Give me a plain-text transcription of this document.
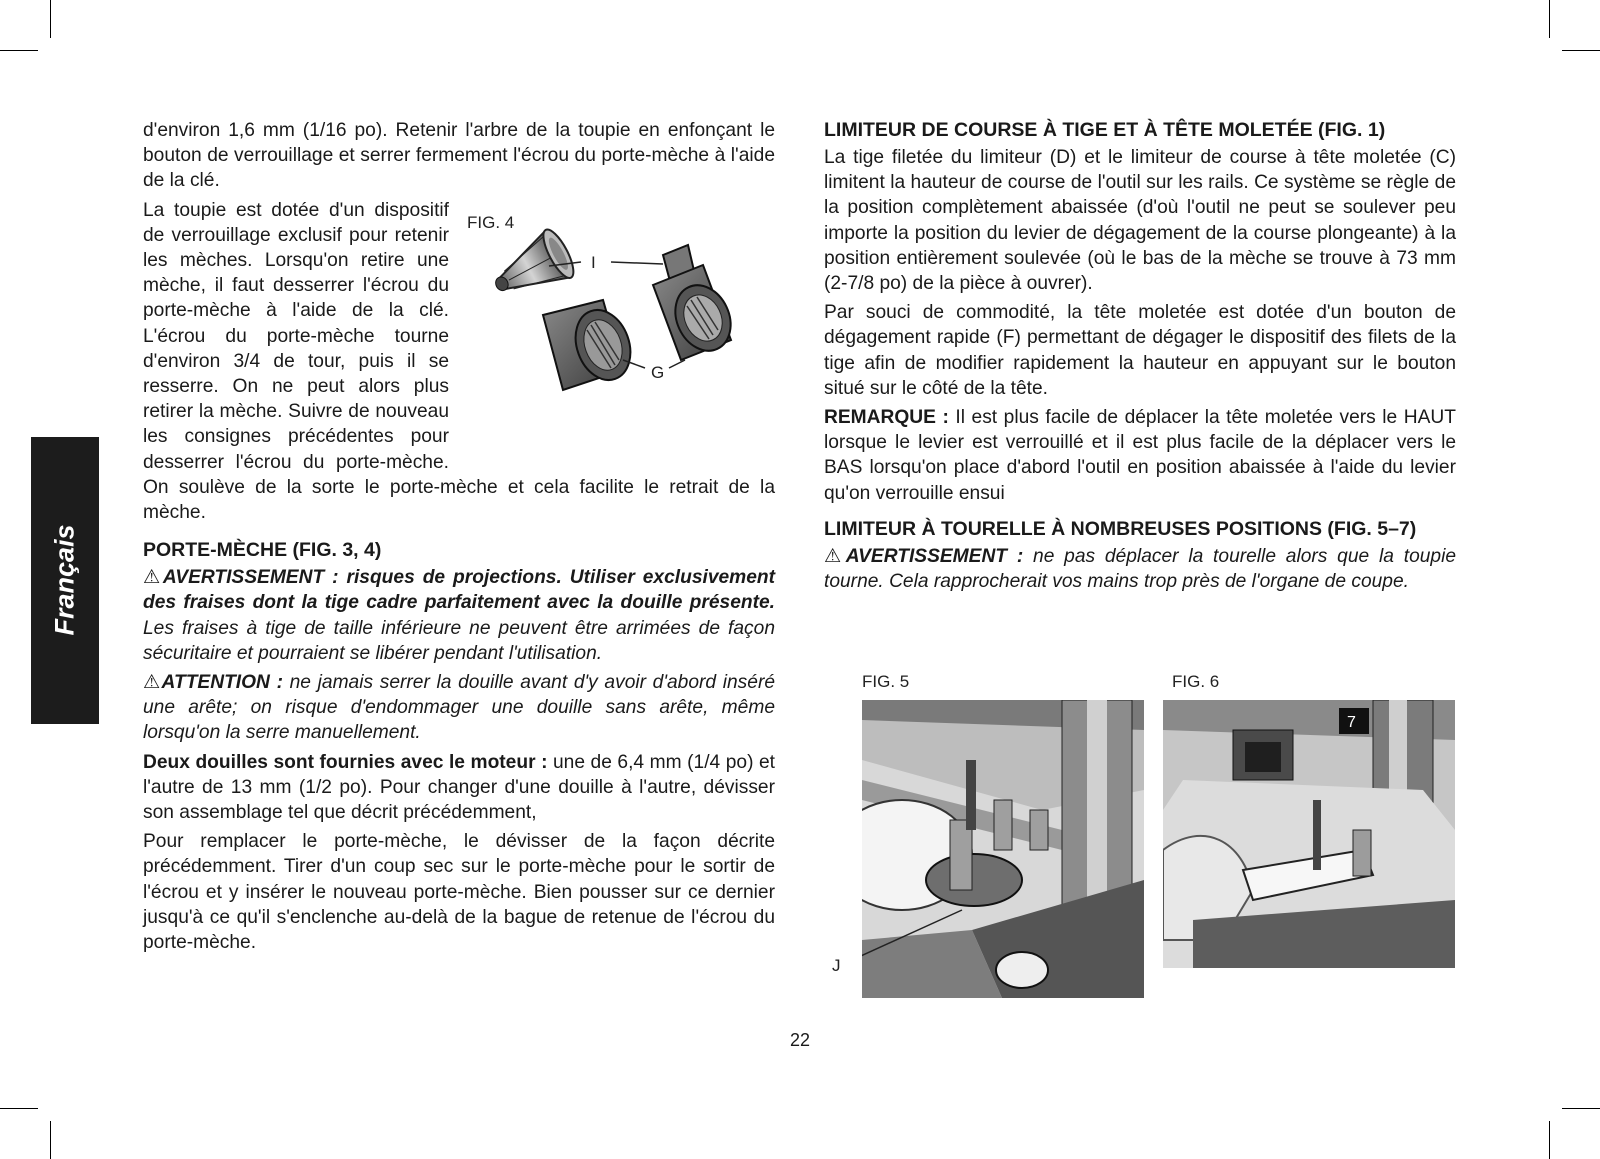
Français

d'environ 1,6 mm (1/16 po). Retenir l'arbre de la toupie en enfonçant le bouton de verrouillage et serrer fermement l'écrou du porte-mèche à l'aide de la clé.

FIG. 4
I
G

La toupie est dotée d'un dispositif de verrouillage exclusif pour retenir les mèches. Lorsqu'on retire une mèche, il faut desserrer l'écrou du porte-mèche à l'aide de la clé. L'écrou du porte-mèche tourne d'environ 3/4 de tour, puis il se resserre. On ne peut alors plus retirer la mèche. Suivre de nouveau les consignes précédentes pour desserrer l'écrou du porte-mèche. On soulève de la sorte le porte-mèche et cela facilite le retrait de la mèche.

PORTE-MÈCHE (FIG. 3, 4)

⚠AVERTISSEMENT : risques de projections. Utiliser exclusivement des fraises dont la tige cadre parfaitement avec la douille présente. Les fraises à tige de taille inférieure ne peuvent être arrimées de façon sécuritaire et pourraient se libérer pendant l'utilisation.

⚠ATTENTION : ne jamais serrer la douille avant d'y avoir d'abord inséré une arête; on risque d'endommager une douille sans arête, même lorsqu'on la serre manuellement.

Deux douilles sont fournies avec le moteur : une de 6,4 mm (1/4 po) et l'autre de 13 mm (1/2 po). Pour changer d'une douille à l'autre, dévisser son assemblage tel que décrit précédemment,

Pour remplacer le porte-mèche, le dévisser de la façon décrite précédemment. Tirer d'un coup sec sur le porte-mèche pour le sortir de l'écrou et y insérer le nouveau porte-mèche. Bien pousser sur ce dernier jusqu'à ce qu'il s'enclenche au-delà de la bague de retenue de l'écrou du porte-mèche.

LIMITEUR DE COURSE À TIGE ET À TÊTE MOLETÉE (FIG. 1)

La tige filetée du limiteur (D) et le limiteur de course à tête moletée (C) limitent la hauteur de course de l'outil sur les rails. Ce système se règle de la position complètement abaissée (d'où l'outil ne peut se soulever peu importe la position du levier de dégagement de la course plongeante) à la position entièrement soulevée (où le bas de la mèche se trouve à 73 mm (2-7/8 po) de la pièce à ouvrer).

Par souci de commodité, la tête moletée est dotée d'un bouton de dégagement rapide (F) permettant de dégager le dispositif des filets de la tige afin de modifier rapidement la hauteur en appuyant sur le bouton situé sur le côté de la tête.

REMARQUE : Il est plus facile de déplacer la tête moletée vers le HAUT lorsque le levier est verrouillé et il est plus facile de la déplacer vers le BAS lorsqu'on place d'abord l'outil en position abaissée à l'aide du levier qu'on verrouille ensui

LIMITEUR À TOURELLE À NOMBREUSES POSITIONS (FIG. 5–7)

⚠AVERTISSEMENT : ne pas déplacer la tourelle alors que la toupie tourne. Cela rapprocherait vos mains trop près de l'organe de coupe.

FIG. 5
J
FIG. 6
7
22
